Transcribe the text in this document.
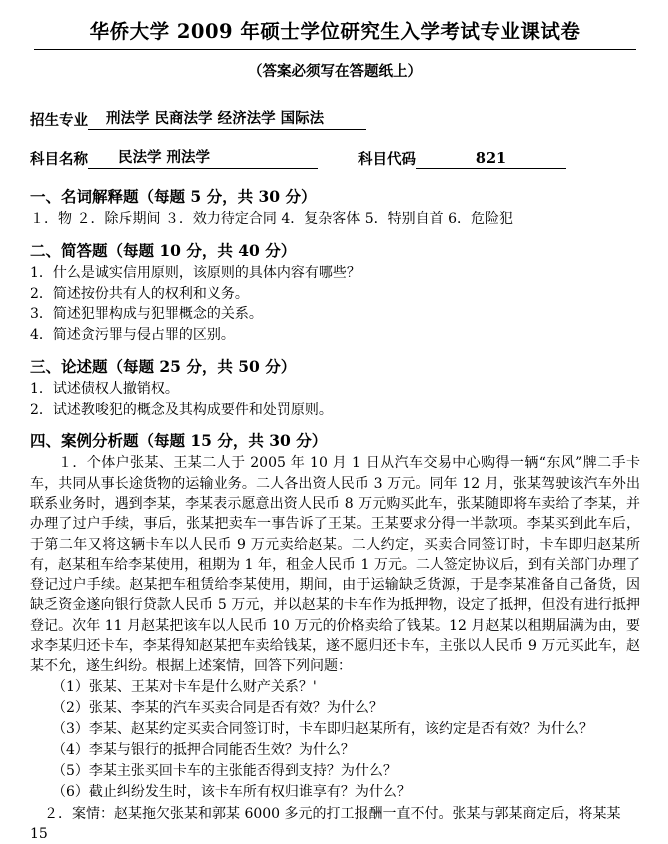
华侨大学 2009 年硕士学位研究生入学考试专业课试卷
（答案必须写在答题纸上）
招生专业	刑法学 民商法学 经济法学 国际法
科目名称	民法学 刑法学	科目代码	821
一、名词解释题（每题 5 分，共 30 分）
１．物 ２．除斥期间 ３．效力待定合同 4．复杂客体 5．特别自首 6．危险犯
二、简答题（每题 10 分，共 40 分）
1．什么是诚实信用原则，该原则的具体内容有哪些？
2．简述按份共有人的权利和义务。
3．简述犯罪构成与犯罪概念的关系。
4．简述贪污罪与侵占罪的区别。
三、论述题（每题 25 分，共 50 分）
1．试述债权人撤销权。
2．试述教唆犯的概念及其构成要件和处罚原则。
四、案例分析题（每题 15 分，共 30 分）
１．个体户张某、王某二人于 2005 年 10 月 1 日从汽车交易中心购得一辆“东风”牌二手卡车，共同从事长途货物的运输业务。二人各出资人民币 3 万元。同年 12 月，张某驾驶该汽车外出联系业务时，遇到李某，李某表示愿意出资人民币 8 万元购买此车，张某随即将车卖给了李某，并办理了过户手续，事后，张某把卖车一事告诉了王某。王某要求分得一半款项。李某买到此车后，于第二年又将这辆卡车以人民币 9 万元卖给赵某。二人约定，买卖合同签订时，卡车即归赵某所有，赵某租车给李某使用，租期为 1 年，租金人民币 1 万元。二人签定协议后，到有关部门办理了登记过户手续。赵某把车租赁给李某使用，期间，由于运输缺乏货源，于是李某准备自己备货，因缺乏资金遂向银行贷款人民币 5 万元，并以赵某的卡车作为抵押物，设定了抵押，但没有进行抵押登记。次年 11 月赵某把该车以人民币 10 万元的价格卖给了钱某。12 月赵某以租期届满为由，要求李某归还卡车，李某得知赵某把车卖给钱某，遂不愿归还卡车，主张以人民币 9 万元买此车，赵某不允，遂生纠纷。根据上述案情，回答下列问题：
（1）张某、王某对卡车是什么财产关系？'
（2）张某、李某的汽车买卖合同是否有效？为什么？
（3）李某、赵某约定买卖合同签订时，卡车即归赵某所有，该约定是否有效？为什么？
（4）李某与银行的抵押合同能否生效？为什么？
（5）李某主张买回卡车的主张能否得到支持？为什么？
（6）截止纠纷发生时，该卡车所有权归谁享有？为什么？
２．案情：赵某拖欠张某和郭某 6000 多元的打工报酬一直不付。张某与郭某商定后，将某某 15
